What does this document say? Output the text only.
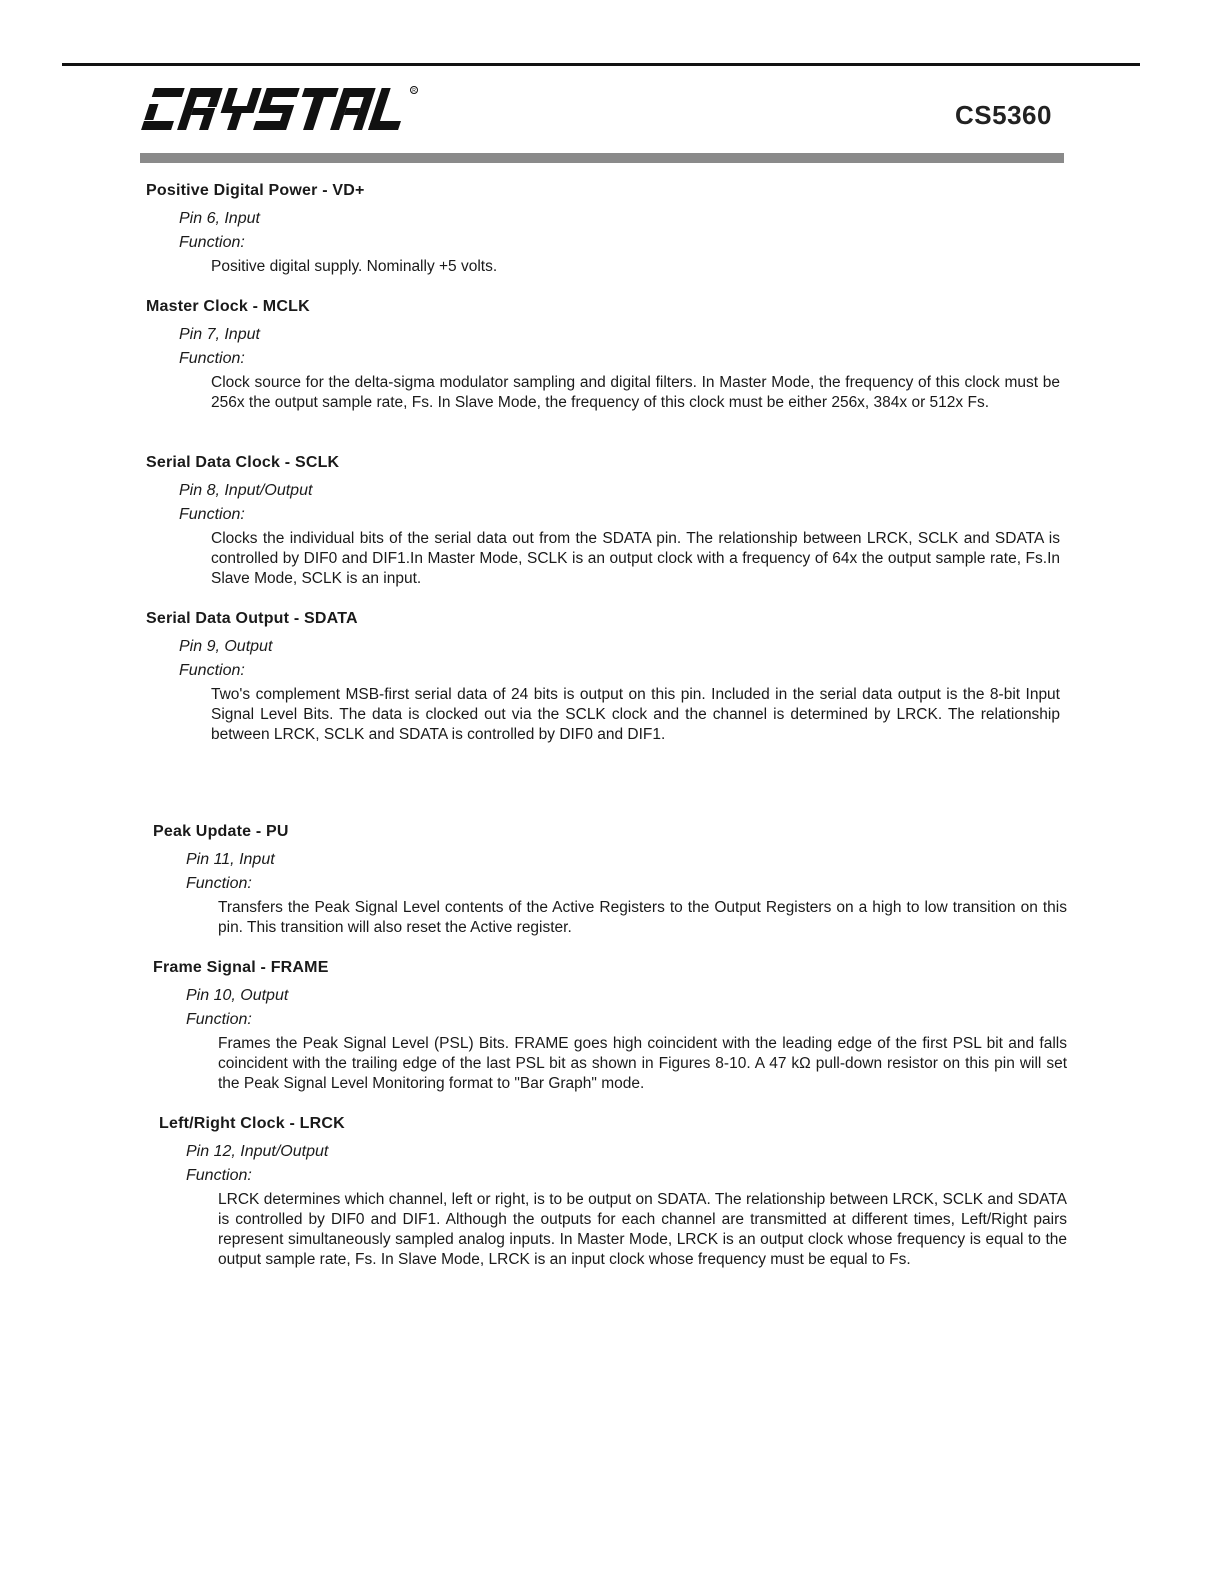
R
CS5360
Positive Digital Power - VD+
Pin 6, Input
Function:
Positive digital supply. Nominally +5 volts.
Master Clock - MCLK
Pin 7, Input
Function:
Clock source for the delta-sigma modulator sampling and digital filters. In Master Mode, the frequency of this clock must be 256x the output sample rate, Fs. In Slave Mode, the frequency of this clock must be either 256x, 384x or 512x Fs.
Serial Data Clock - SCLK
Pin 8, Input/Output
Function:
Clocks the individual bits of the serial data out from the SDATA pin. The relationship between LRCK, SCLK and SDATA is controlled by DIF0 and DIF1.In Master Mode, SCLK is an output clock with a frequency of 64x the output sample rate, Fs.In Slave Mode, SCLK is an input.
Serial Data Output - SDATA
Pin 9, Output
Function:
Two's complement MSB-first serial data of 24 bits is output on this pin. Included in the serial data output is the 8-bit Input Signal Level Bits. The data is clocked out via the SCLK clock and the channel is determined by LRCK. The relationship between LRCK, SCLK and SDATA is controlled by DIF0 and DIF1.
Peak Update - PU
Pin 11, Input
Function:
Transfers the Peak Signal Level contents of the Active Registers to the Output Registers on a high to low transition on this pin. This transition will also reset the Active register.
Frame Signal - FRAME
Pin 10, Output
Function:
Frames the Peak Signal Level (PSL) Bits. FRAME goes high coincident with the leading edge of the first PSL bit and falls coincident with the trailing edge of the last PSL bit as shown in Figures 8-10. A 47 kΩ pull-down resistor on this pin will set the Peak Signal Level Monitoring format to "Bar Graph" mode.
Left/Right Clock - LRCK
Pin 12, Input/Output
Function:
LRCK determines which channel, left or right, is to be output on SDATA. The relationship between LRCK, SCLK and SDATA is controlled by DIF0 and DIF1. Although the outputs for each channel are transmitted at different times, Left/Right pairs represent simultaneously sampled analog inputs. In Master Mode, LRCK is an output clock whose frequency is equal to the output sample rate, Fs. In Slave Mode, LRCK is an input clock whose frequency must be equal to Fs.
